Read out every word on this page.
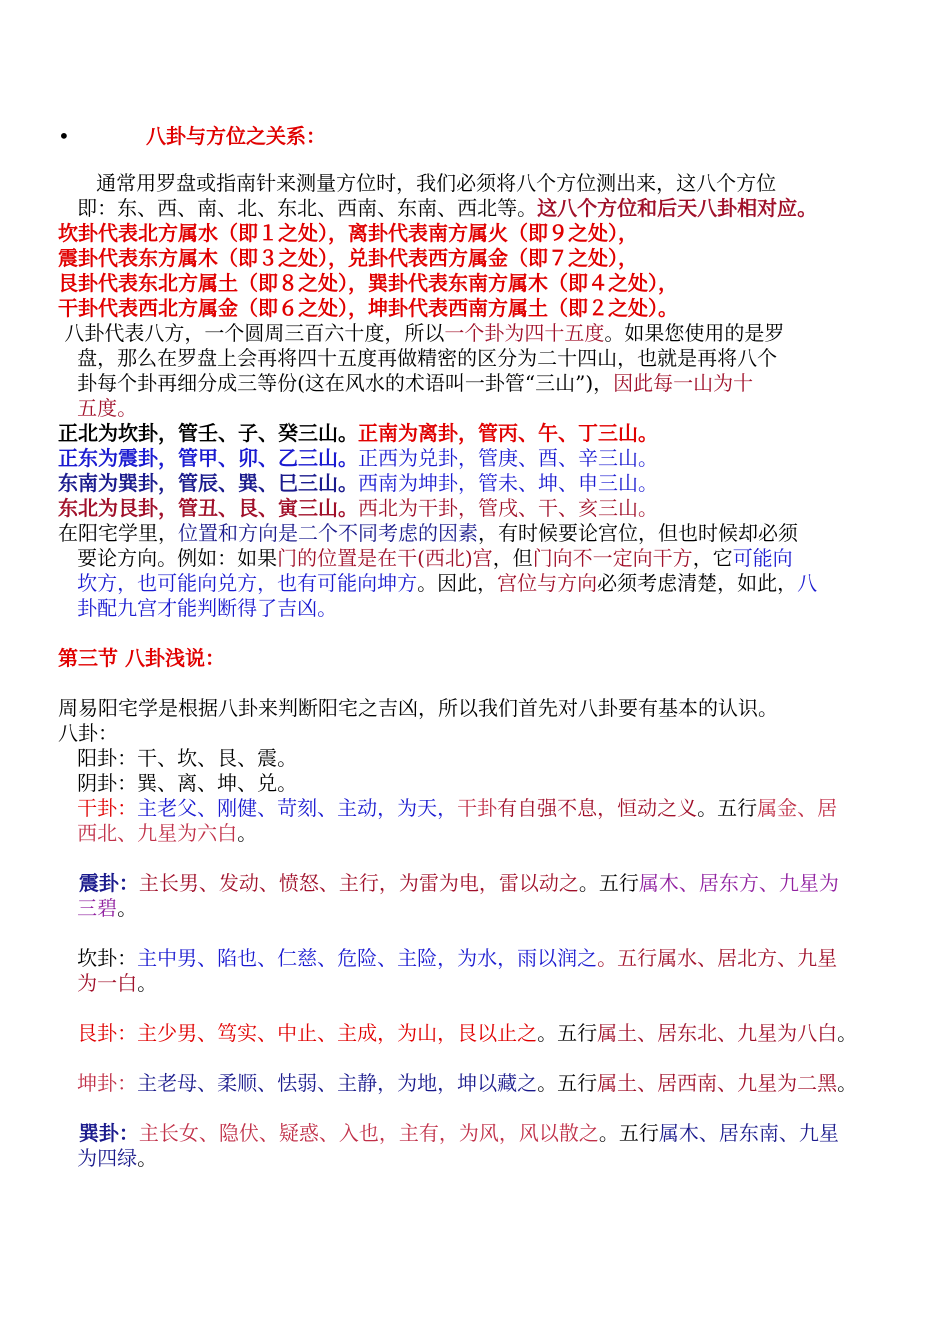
•	八卦与方位之关系：
通常用罗盘或指南针来测量方位时，我们必须将八个方位测出来，这八个方位
即：东、西、南、北、东北、西南、东南、西北等。这八个方位和后天八卦相对应。
坎卦代表北方属水（即１之处），离卦代表南方属火（即９之处），
震卦代表东方属木（即３之处），兑卦代表西方属金（即７之处），
艮卦代表东北方属土（即８之处），巽卦代表东南方属木（即４之处），
干卦代表西北方属金（即６之处），坤卦代表西南方属土（即２之处）。
八卦代表八方，一个圆周三百六十度，所以一个卦为四十五度。如果您使用的是罗
盘，那么在罗盘上会再将四十五度再做精密的区分为二十四山，也就是再将八个
卦每个卦再细分成三等份(这在风水的术语叫一卦管“三山”)，因此每一山为十
五度。
正北为坎卦，管壬、子、癸三山。正南为离卦，管丙、午、丁三山。
正东为震卦，管甲、卯、乙三山。正西为兑卦，管庚、酉、辛三山。
东南为巽卦，管辰、巽、巳三山。西南为坤卦，管未、坤、申三山。
东北为艮卦，管丑、艮、寅三山。西北为干卦，管戌、干、亥三山。
在阳宅学里，位置和方向是二个不同考虑的因素，有时候要论宫位，但也时候却必须
要论方向。例如：如果门的位置是在干(西北)宫，但门向不一定向干方，它可能向
坎方，也可能向兑方，也有可能向坤方。因此，宫位与方向必须考虑清楚，如此，八
卦配九宫才能判断得了吉凶。
第三节 八卦浅说：
周易阳宅学是根据八卦来判断阳宅之吉凶，所以我们首先对八卦要有基本的认识。
八卦：
阳卦：干、坎、艮、震。
阴卦：巽、离、坤、兑。
干卦：主老父、刚健、苛刻、主动，为天，干卦有自强不息，恒动之义。五行属金、居
西北、九星为六白。
震卦：主长男、发动、愤怒、主行，为雷为电，雷以动之。五行属木、居东方、九星为
三碧。
坎卦：主中男、陷也、仁慈、危险、主险，为水，雨以润之。五行属水、居北方、九星
为一白。
艮卦：主少男、笃实、中止、主成，为山，艮以止之。五行属土、居东北、九星为八白。
坤卦：主老母、柔顺、怯弱、主静，为地，坤以藏之。五行属土、居西南、九星为二黑。
巽卦：主长女、隐伏、疑惑、入也，主有，为风，风以散之。五行属木、居东南、九星
为四绿。
